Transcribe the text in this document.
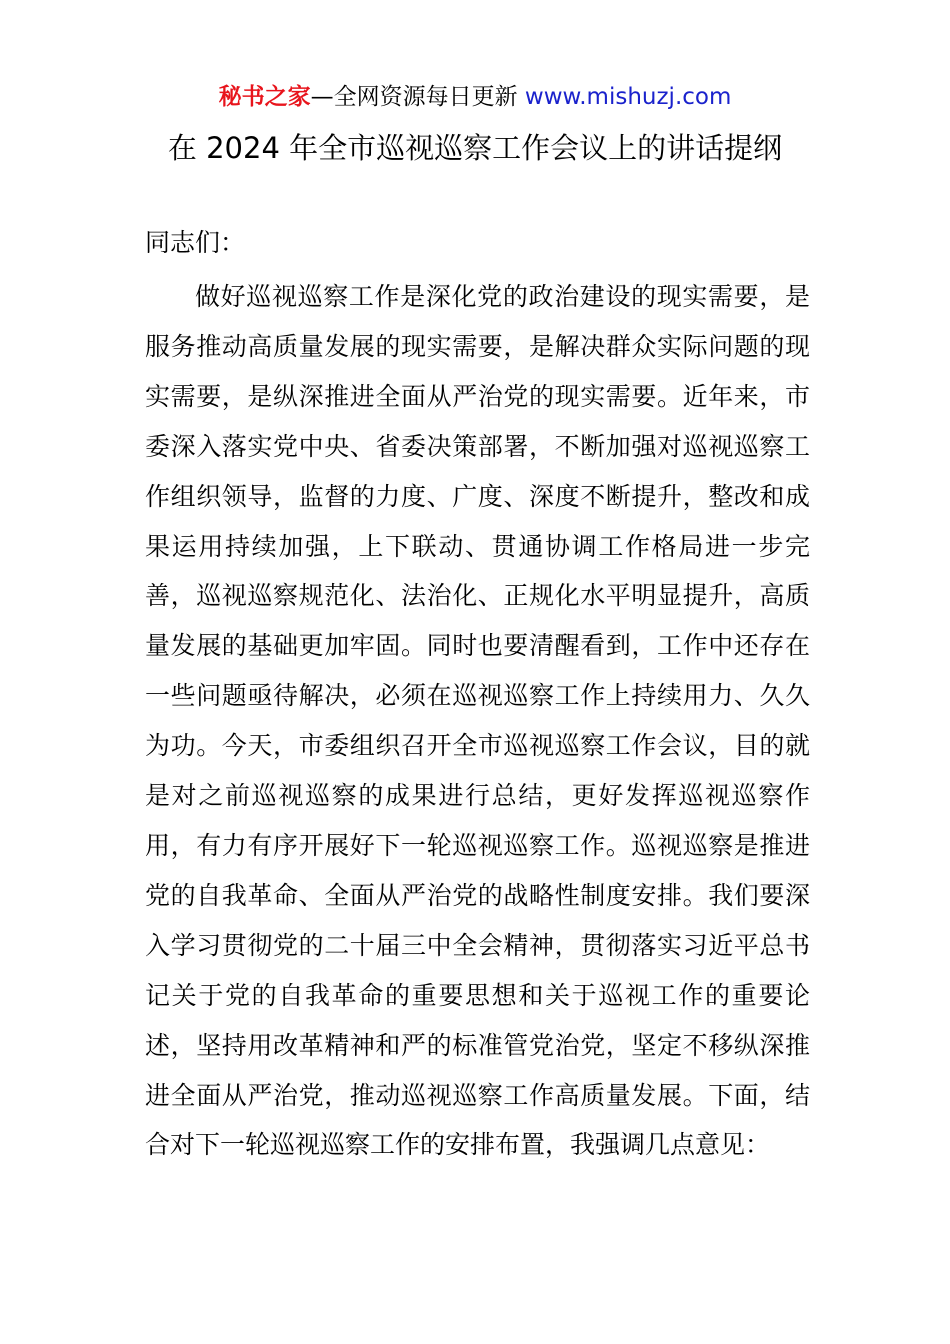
秘书之家—全网资源每日更新 www.mishuzj.com
在 2024 年全市巡视巡察工作会议上的讲话提纲
同志们：

做好巡视巡察工作是深化党的政治建设的现实需要，是服务推动高质量发展的现实需要，是解决群众实际问题的现实需要，是纵深推进全面从严治党的现实需要。近年来，市委深入落实党中央、省委决策部署，不断加强对巡视巡察工作组织领导，监督的力度、广度、深度不断提升，整改和成果运用持续加强，上下联动、贯通协调工作格局进一步完善，巡视巡察规范化、法治化、正规化水平明显提升，高质量发展的基础更加牢固。同时也要清醒看到，工作中还存在一些问题亟待解决，必须在巡视巡察工作上持续用力、久久为功。今天，市委组织召开全市巡视巡察工作会议，目的就是对之前巡视巡察的成果进行总结，更好发挥巡视巡察作用，有力有序开展好下一轮巡视巡察工作。巡视巡察是推进党的自我革命、全面从严治党的战略性制度安排。我们要深入学习贯彻党的二十届三中全会精神，贯彻落实习近平总书记关于党的自我革命的重要思想和关于巡视工作的重要论述，坚持用改革精神和严的标准管党治党，坚定不移纵深推进全面从严治党，推动巡视巡察工作高质量发展。下面，结合对下一轮巡视巡察工作的安排布置，我强调几点意见：
